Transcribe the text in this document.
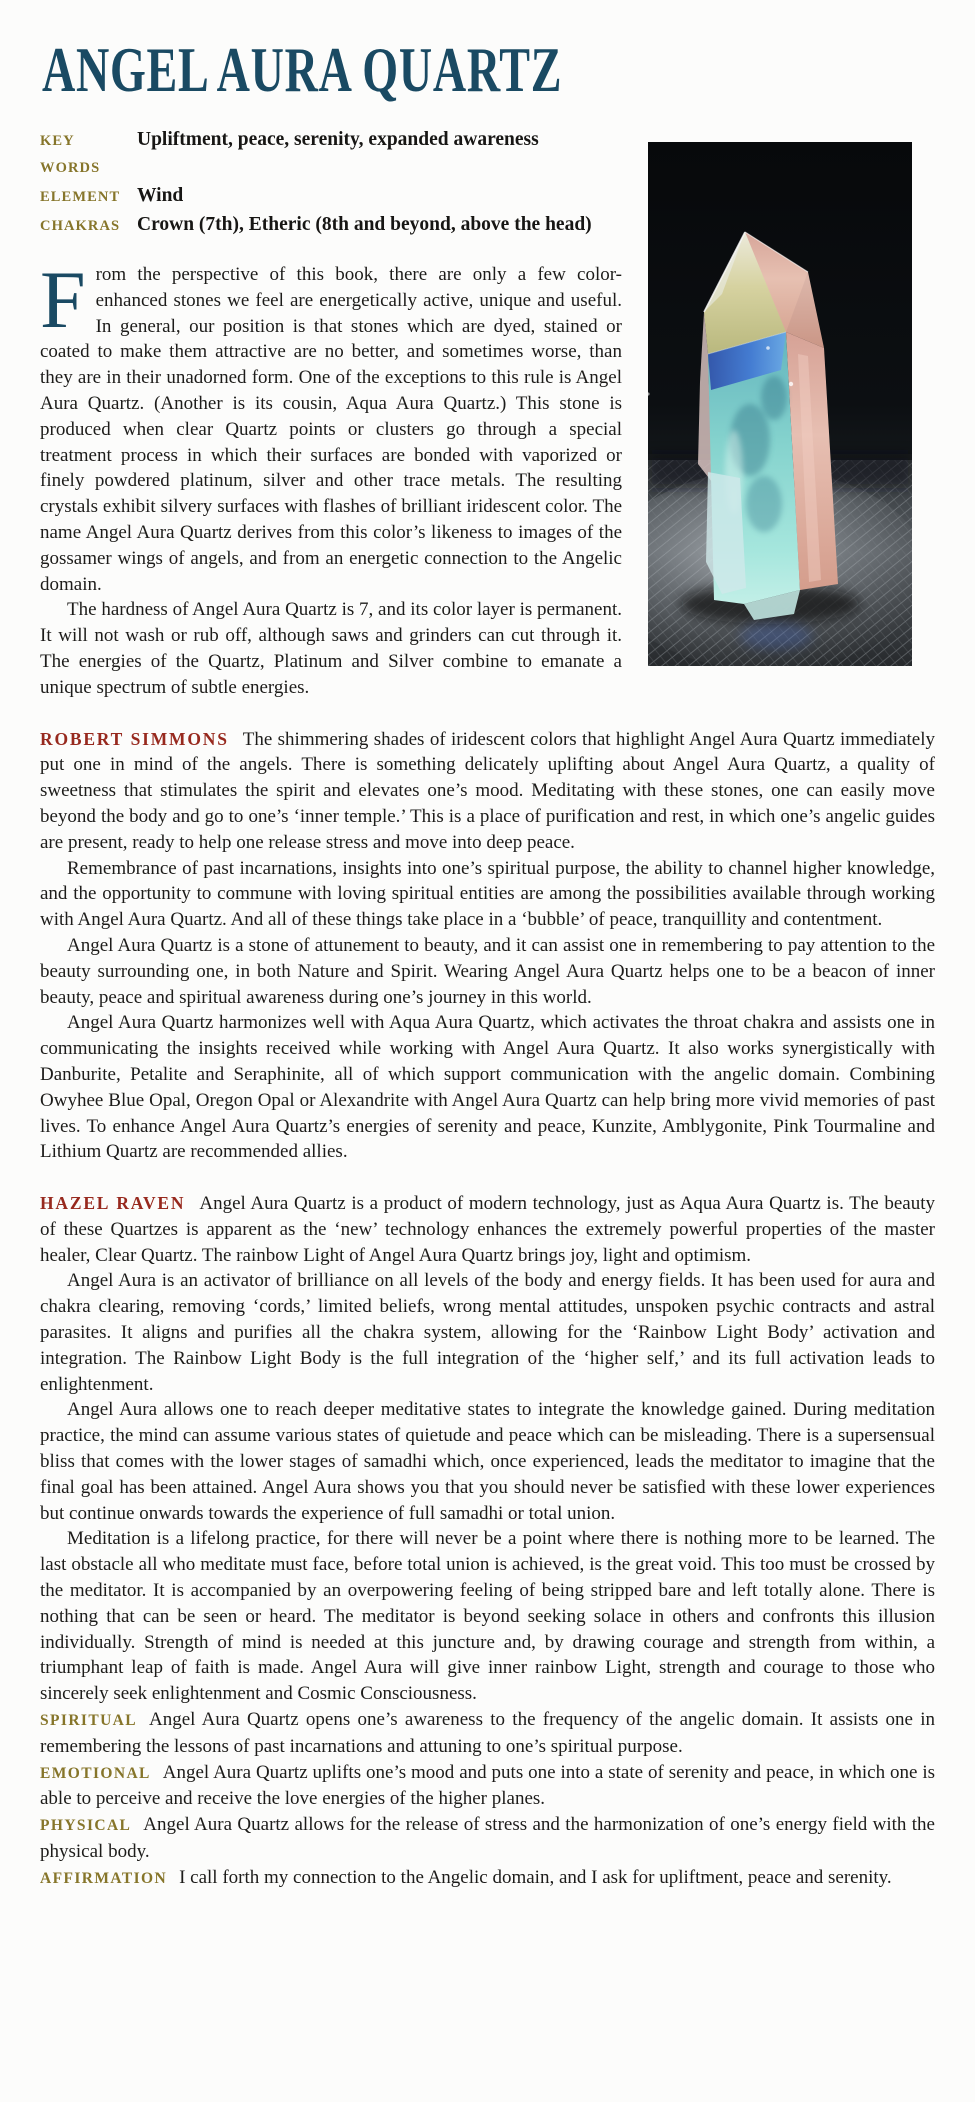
ANGEL AURA QUARTZ
KEY WORDS
Upliftment, peace, serenity, expanded awareness
ELEMENT Wind
CHAKRAS Crown (7th), Etheric (8th and beyond, above the head)

From the perspective of this book, there are only a few color-enhanced stones we feel are energetically active, unique and useful. In general, our position is that stones which are dyed, stained or coated to make them attractive are no better, and sometimes worse, than they are in their unadorned form. One of the exceptions to this rule is Angel Aura Quartz. (Another is its cousin, Aqua Aura Quartz.) This stone is produced when clear Quartz points or clusters go through a special treatment process in which their surfaces are bonded with vaporized or finely powdered platinum, silver and other trace metals. The resulting crystals exhibit silvery surfaces with flashes of brilliant iridescent color. The name Angel Aura Quartz derives from this color’s likeness to images of the gossamer wings of angels, and from an energetic connection to the Angelic domain.

The hardness of Angel Aura Quartz is 7, and its color layer is permanent. It will not wash or rub off, although saws and grinders can cut through it. The energies of the Quartz, Platinum and Silver combine to emanate a unique spectrum of subtle energies.

ROBERT SIMMONS The shimmering shades of iridescent colors that highlight Angel Aura Quartz immediately put one in mind of the angels. There is something delicately uplifting about Angel Aura Quartz, a quality of sweetness that stimulates the spirit and elevates one’s mood. Meditating with these stones, one can easily move beyond the body and go to one’s ‘inner temple.’ This is a place of purification and rest, in which one’s angelic guides are present, ready to help one release stress and move into deep peace.

Remembrance of past incarnations, insights into one’s spiritual purpose, the ability to channel higher knowledge, and the opportunity to commune with loving spiritual entities are among the possibilities available through working with Angel Aura Quartz. And all of these things take place in a ‘bubble’ of peace, tranquillity and contentment.

Angel Aura Quartz is a stone of attunement to beauty, and it can assist one in remembering to pay attention to the beauty surrounding one, in both Nature and Spirit. Wearing Angel Aura Quartz helps one to be a beacon of inner beauty, peace and spiritual awareness during one’s journey in this world.

Angel Aura Quartz harmonizes well with Aqua Aura Quartz, which activates the throat chakra and assists one in communicating the insights received while working with Angel Aura Quartz. It also works synergistically with Danburite, Petalite and Seraphinite, all of which support communication with the angelic domain. Combining Owyhee Blue Opal, Oregon Opal or Alexandrite with Angel Aura Quartz can help bring more vivid memories of past lives. To enhance Angel Aura Quartz’s energies of serenity and peace, Kunzite, Amblygonite, Pink Tourmaline and Lithium Quartz are recommended allies.

HAZEL RAVEN Angel Aura Quartz is a product of modern technology, just as Aqua Aura Quartz is. The beauty of these Quartzes is apparent as the ‘new’ technology enhances the extremely powerful properties of the master healer, Clear Quartz. The rainbow Light of Angel Aura Quartz brings joy, light and optimism.

Angel Aura is an activator of brilliance on all levels of the body and energy fields. It has been used for aura and chakra clearing, removing ‘cords,’ limited beliefs, wrong mental attitudes, unspoken psychic contracts and astral parasites. It aligns and purifies all the chakra system, allowing for the ‘Rainbow Light Body’ activation and integration. The Rainbow Light Body is the full integration of the ‘higher self,’ and its full activation leads to enlightenment.

Angel Aura allows one to reach deeper meditative states to integrate the knowledge gained. During meditation practice, the mind can assume various states of quietude and peace which can be misleading. There is a supersensual bliss that comes with the lower stages of samadhi which, once experienced, leads the meditator to imagine that the final goal has been attained. Angel Aura shows you that you should never be satisfied with these lower experiences but continue onwards towards the experience of full samadhi or total union.

Meditation is a lifelong practice, for there will never be a point where there is nothing more to be learned. The last obstacle all who meditate must face, before total union is achieved, is the great void. This too must be crossed by the meditator. It is accompanied by an overpowering feeling of being stripped bare and left totally alone. There is nothing that can be seen or heard. The meditator is beyond seeking solace in others and confronts this illusion individually. Strength of mind is needed at this juncture and, by drawing courage and strength from within, a triumphant leap of faith is made. Angel Aura will give inner rainbow Light, strength and courage to those who sincerely seek enlightenment and Cosmic Consciousness.

SPIRITUAL Angel Aura Quartz opens one’s awareness to the frequency of the angelic domain. It assists one in remembering the lessons of past incarnations and attuning to one’s spiritual purpose.

EMOTIONAL Angel Aura Quartz uplifts one’s mood and puts one into a state of serenity and peace, in which one is able to perceive and receive the love energies of the higher planes.

PHYSICAL Angel Aura Quartz allows for the release of stress and the harmonization of one’s energy field with the physical body.

AFFIRMATION I call forth my connection to the Angelic domain, and I ask for upliftment, peace and serenity.
